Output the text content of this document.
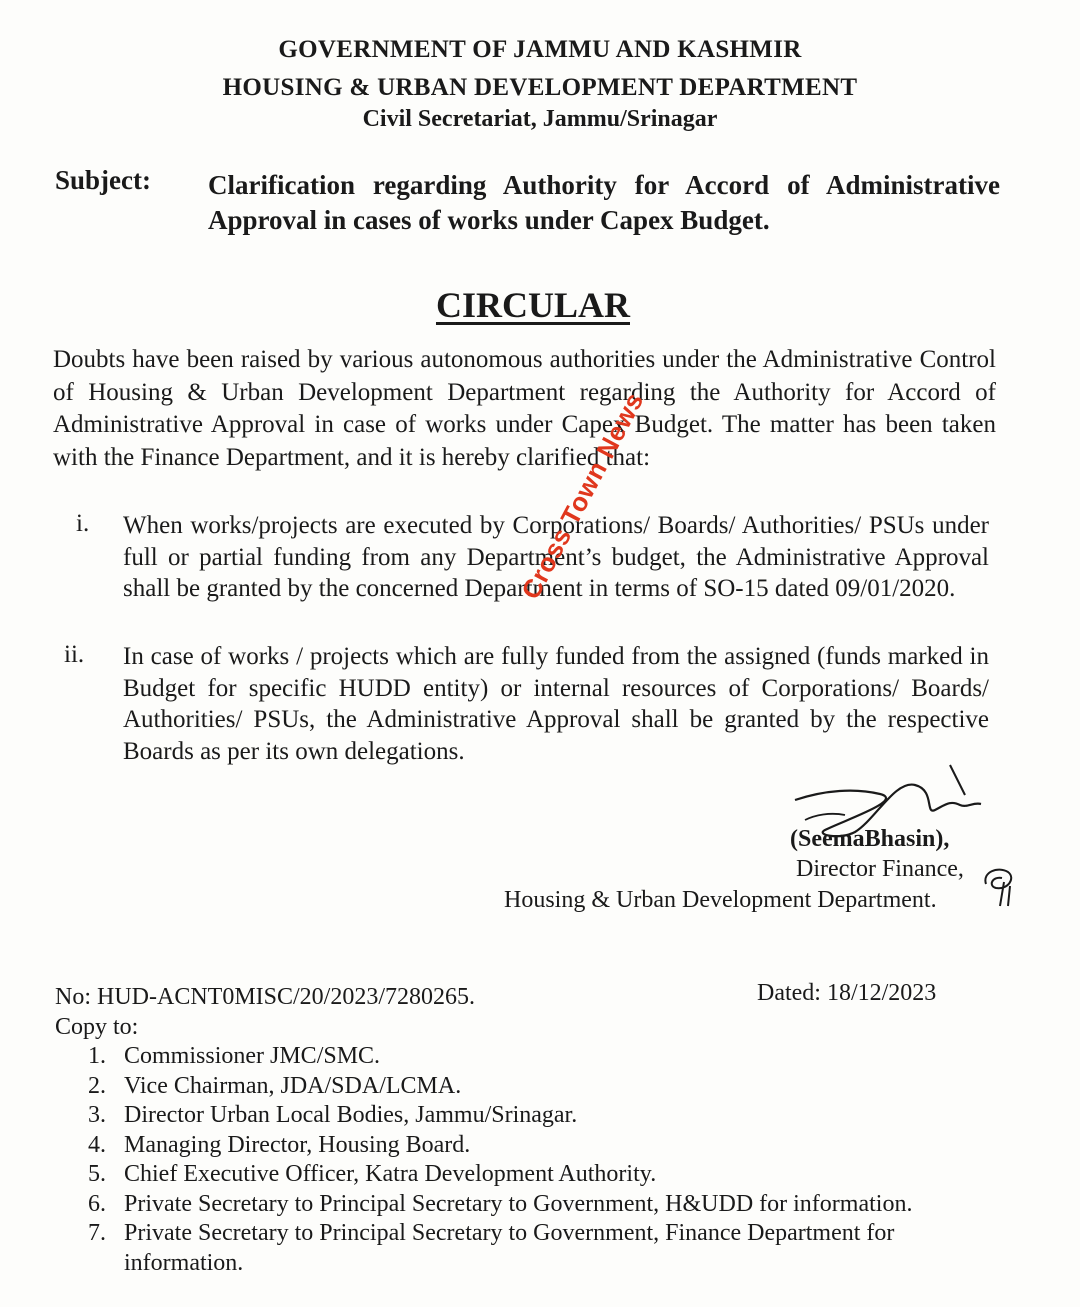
GOVERNMENT OF JAMMU AND KASHMIR
HOUSING & URBAN DEVELOPMENT DEPARTMENT
Civil Secretariat, Jammu/Srinagar
Subject: Clarification regarding Authority for Accord of Administrative Approval in cases of works under Capex Budget.
CIRCULAR
Doubts have been raised by various autonomous authorities under the Administrative Control of Housing & Urban Development Department regarding the Authority for Accord of Administrative Approval in case of works under Capex Budget. The matter has been taken with the Finance Department, and it is hereby clarified that:
i. When works/projects are executed by Corporations/ Boards/ Authorities/ PSUs under full or partial funding from any Department’s budget, the Administrative Approval shall be granted by the concerned Department in terms of SO-15 dated 09/01/2020.
ii. In case of works / projects which are fully funded from the assigned (funds marked in Budget for specific HUDD entity) or internal resources of Corporations/ Boards/ Authorities/ PSUs, the Administrative Approval shall be granted by the respective Boards as per its own delegations.
(SeemaBhasin),
Director Finance,
Housing & Urban Development Department.
No: HUD-ACNT0MISC/20/2023/7280265.	Dated: 18/12/2023
Copy to:
1. Commissioner JMC/SMC.
2. Vice Chairman, JDA/SDA/LCMA.
3. Director Urban Local Bodies, Jammu/Srinagar.
4. Managing Director, Housing Board.
5. Chief Executive Officer, Katra Development Authority.
6. Private Secretary to Principal Secretary to Government, H&UDD for information.
7. Private Secretary to Principal Secretary to Government, Finance Department for information.
Cross Town News
